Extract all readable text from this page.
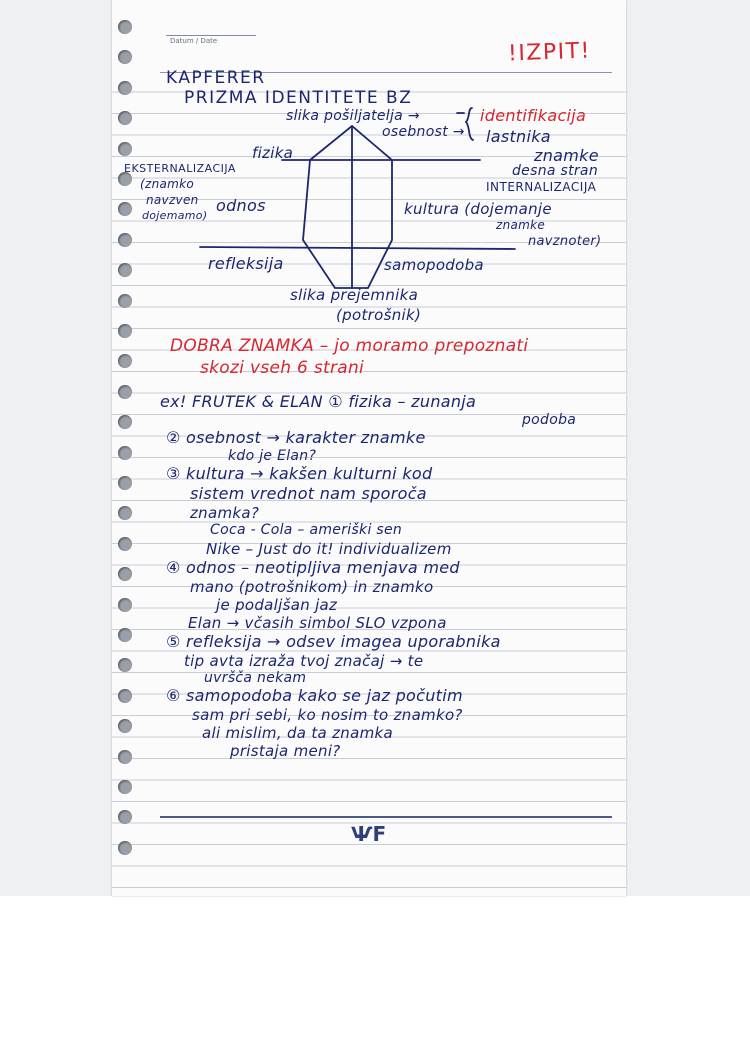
Datum / Date	!IZPIT!
KAPFERER
PRIZMA IDENTITETE BZ
slika pošiljatelja →
osebnost →
identifikacija
lastnika
znamke
fizika
EKSTERNALIZACIJA
(znamko
navzven
dojemamo)
odnos
desna stran
INTERNALIZACIJA
kultura (dojemanje
znamke
navznoter)
refleksija	samopodoba
slika prejemnika
(potrošnik)
DOBRA ZNAMKA – jo moramo prepoznati
skozi vseh 6 strani
ex! FRUTEK & ELAN ① fizika – zunanja
podoba
② osebnost → karakter znamke
kdo je Elan?
③ kultura → kakšen kulturni kod
sistem vrednot nam sporoča
znamka?
Coca - Cola – ameriški sen
Nike – Just do it! individualizem
④ odnos – neotipljiva menjava med
mano (potrošnikom) in znamko
je podaljšan jaz
Elan → včasih simbol SLO vzpona
⑤ refleksija → odsev imagea uporabnika
tip avta izraža tvoj značaj → te
uvršča nekam
⑥ samopodoba kako se jaz počutim
sam pri sebi, ko nosim to znamko?
ali mislim, da ta znamka
pristaja meni?
ѰF
